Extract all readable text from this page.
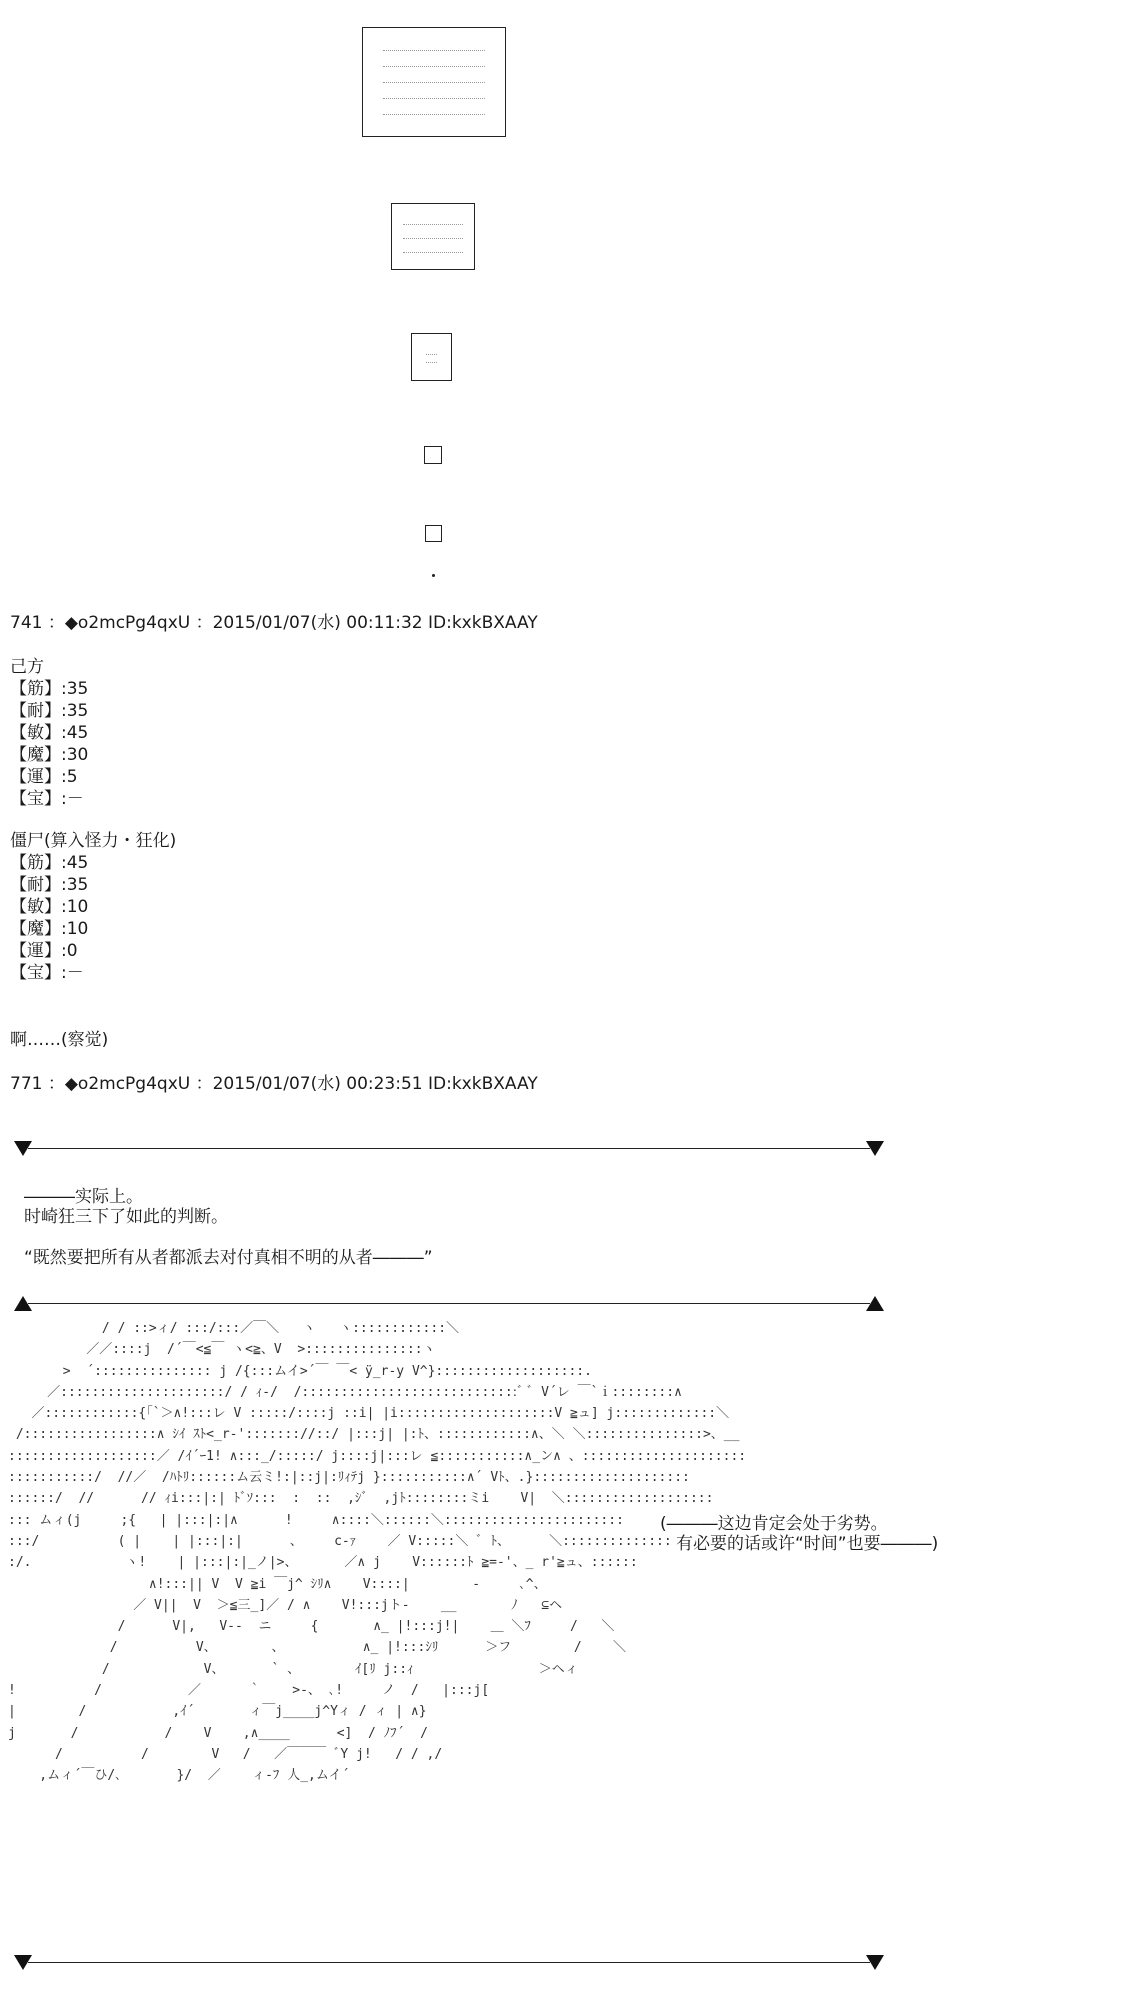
741 ：◆o2mcPg4qxU ：2015/01/07(水) 00:11:32 ID:kxkBXAAY
己方
【筋】:35
【耐】:35
【敏】:45
【魔】:30
【運】:5
【宝】:－
僵尸(算入怪力・狂化)
【筋】:45
【耐】:35
【敏】:10
【魔】:10
【運】:0
【宝】:－
啊……(察觉)
771 ：◆o2mcPg4qxU ：2015/01/07(水) 00:23:51 ID:kxkBXAAY
―――实际上。
时崎狂三下了如此的判断。
“既然要把所有从者都派去对付真相不明的从者―――”
/ / ::>ィ/ :::/:::／￣＼   ヽ   ヽ::::::::::::＼
／／::::j  /´￣<≦￣ ヽ<≧、V  >:::::::::::::::ヽ
>  ´::::::::::::::: j /{:::ムイ>´￣ ￣< ÿ_r‐y V^}:::::::::::::::::::.
／:::::::::::::::::::::/ / ｨ-/  /::::::::::::::::::::::::::::ﾞ ﾞ V´レ ￣`ｉ::::::::∧
／::::::::::::{｢`＞∧!:::レ V :::::/::::j ::i| |i::::::::::::::::::::V ≧ュ] j:::::::::::::＼
/:::::::::::::::::∧ ｼｲ ｽﾄ<_r‐'::::::://::/ |:::j| |:ﾄ、::::::::::::∧、＼ ＼:::::::::::::::>、__
:::::::::::::::::::／ /ｲ´ｰ1! ∧:::_/:::::/ j::::j|:::レ ≦:::::::::::∧_ン∧ 、:::::::::::::::::::::
:::::::::::/  //／  /ﾊﾄﾘ::::::ム云ミ!:|::j|:ﾘｨﾃj }:::::::::::∧´ Vﾄ、.}::::::::::::::::::::
::::::/  //      // ｨi:::|:| ﾄﾞｿ:::  :  ::  ,ｼﾞ  ,jﾄ::::::::ミi    V|  ＼:::::::::::::::::::
::: ムィ(j     ;{   | |:::|:|∧      !     ∧::::＼::::::＼:::::::::::::::::::::::
:::/          ( |    | |:::|:|      、    c‐ｧ    ／ V:::::＼ ﾞ ﾄ、     ＼::::::::::::::
:/.            ヽ!    | |:::|:|_ノ|>、      ／∧ j    V::::::ﾄ ≧=‐'、_ r'≧ュ、::::::
∧!:::|| V  V ≧i ￣j^ ｼﾘ∧    V::::|        ‐     ､^、
／ V||  V  ＞≦三_]／ / ∧    V!:::jト‐    __       ﾉ   ⊆ヘ
/      V|,   V‐‐  ニ     {       ∧_ |!:::j!|    ＿ ＼ﾌ     /   ＼
/          V、       、          ∧_ |!:::ｼﾘ      ＞フ        /    ＼
/            V、      ` 、       ｲ[ﾘ j::ｨ                ＞ヘィ
!          /           ／      ｀    >‐、 ､!     ノ  /   |:::j[
|        /           ,ｲ´       ィ￣j____j^Yィ / ィ | ∧}
j       /           /    V    ,∧____      <]  / ﾉﾌ´  /
/          /        V   /   ／￣￣￣ ﾞY j!   / / ,/
,ムィ´￣ひ/､       }/  ／    ィ‐ﾌ 人_,ムイ´
(―――这边肯定会处于劣势。
有必要的话或许“时间”也要―――)
